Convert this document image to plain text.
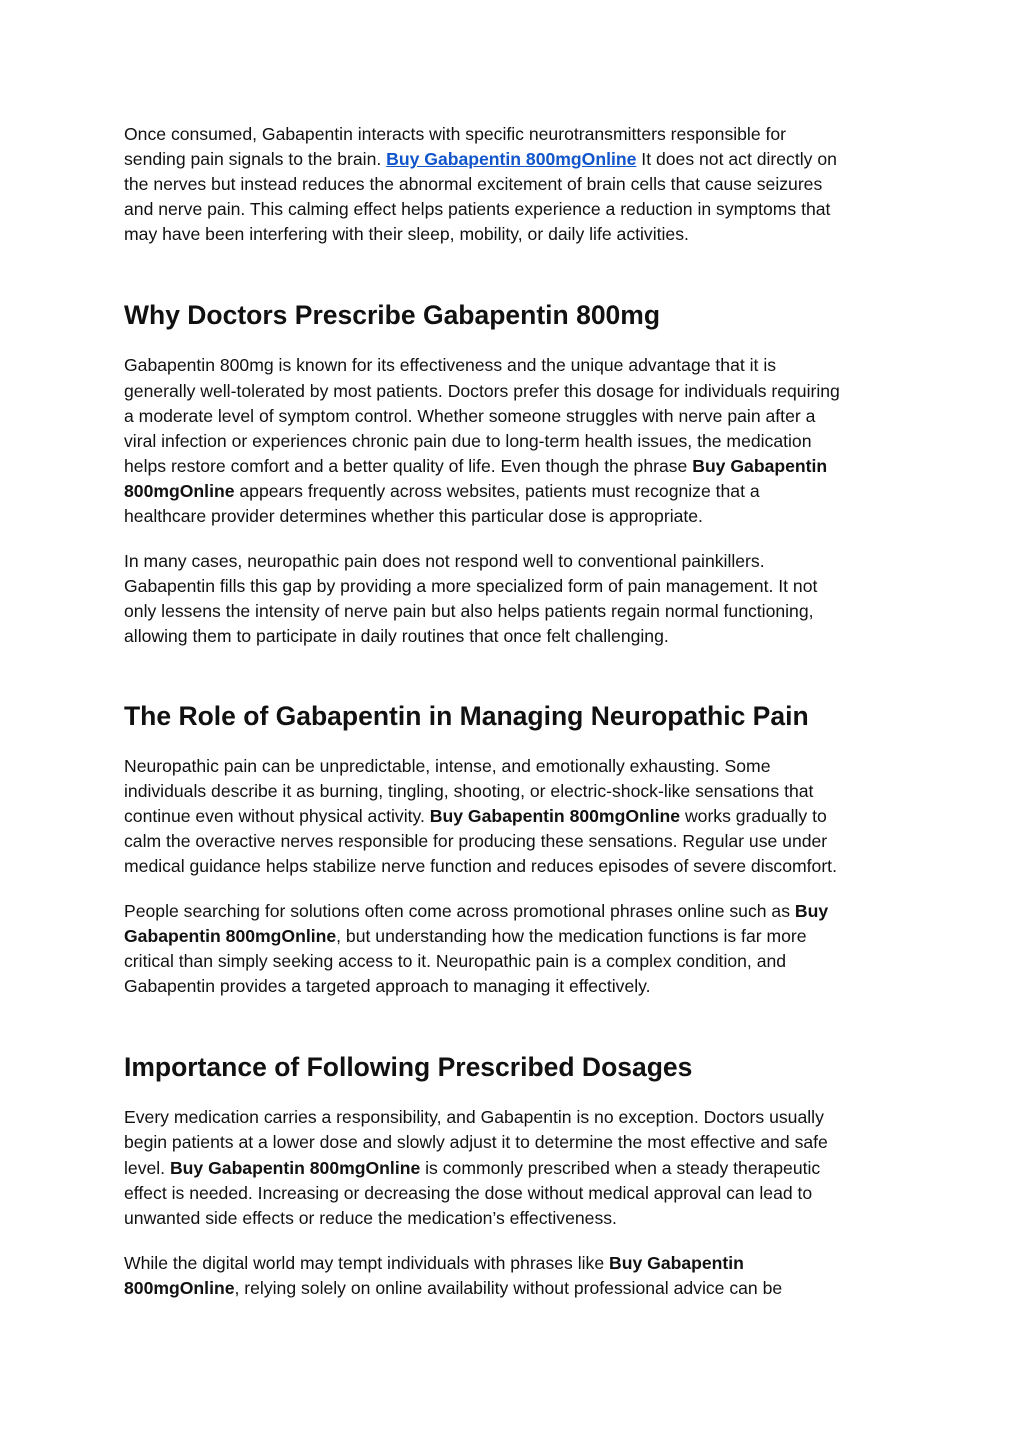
Once consumed, Gabapentin interacts with specific neurotransmitters responsible for
sending pain signals to the brain. Buy Gabapentin 800mgOnline It does not act directly on
the nerves but instead reduces the abnormal excitement of brain cells that cause seizures
and nerve pain. This calming effect helps patients experience a reduction in symptoms that
may have been interfering with their sleep, mobility, or daily life activities.

Why Doctors Prescribe Gabapentin 800mg

Gabapentin 800mg is known for its effectiveness and the unique advantage that it is
generally well-tolerated by most patients. Doctors prefer this dosage for individuals requiring
a moderate level of symptom control. Whether someone struggles with nerve pain after a
viral infection or experiences chronic pain due to long-term health issues, the medication
helps restore comfort and a better quality of life. Even though the phrase Buy Gabapentin
800mgOnline appears frequently across websites, patients must recognize that a
healthcare provider determines whether this particular dose is appropriate.

In many cases, neuropathic pain does not respond well to conventional painkillers.
Gabapentin fills this gap by providing a more specialized form of pain management. It not
only lessens the intensity of nerve pain but also helps patients regain normal functioning,
allowing them to participate in daily routines that once felt challenging.

The Role of Gabapentin in Managing Neuropathic Pain

Neuropathic pain can be unpredictable, intense, and emotionally exhausting. Some
individuals describe it as burning, tingling, shooting, or electric-shock-like sensations that
continue even without physical activity. Buy Gabapentin 800mgOnline works gradually to
calm the overactive nerves responsible for producing these sensations. Regular use under
medical guidance helps stabilize nerve function and reduces episodes of severe discomfort.

People searching for solutions often come across promotional phrases online such as Buy
Gabapentin 800mgOnline, but understanding how the medication functions is far more
critical than simply seeking access to it. Neuropathic pain is a complex condition, and
Gabapentin provides a targeted approach to managing it effectively.

Importance of Following Prescribed Dosages

Every medication carries a responsibility, and Gabapentin is no exception. Doctors usually
begin patients at a lower dose and slowly adjust it to determine the most effective and safe
level. Buy Gabapentin 800mgOnline is commonly prescribed when a steady therapeutic
effect is needed. Increasing or decreasing the dose without medical approval can lead to
unwanted side effects or reduce the medication’s effectiveness.

While the digital world may tempt individuals with phrases like Buy Gabapentin
800mgOnline, relying solely on online availability without professional advice can be
